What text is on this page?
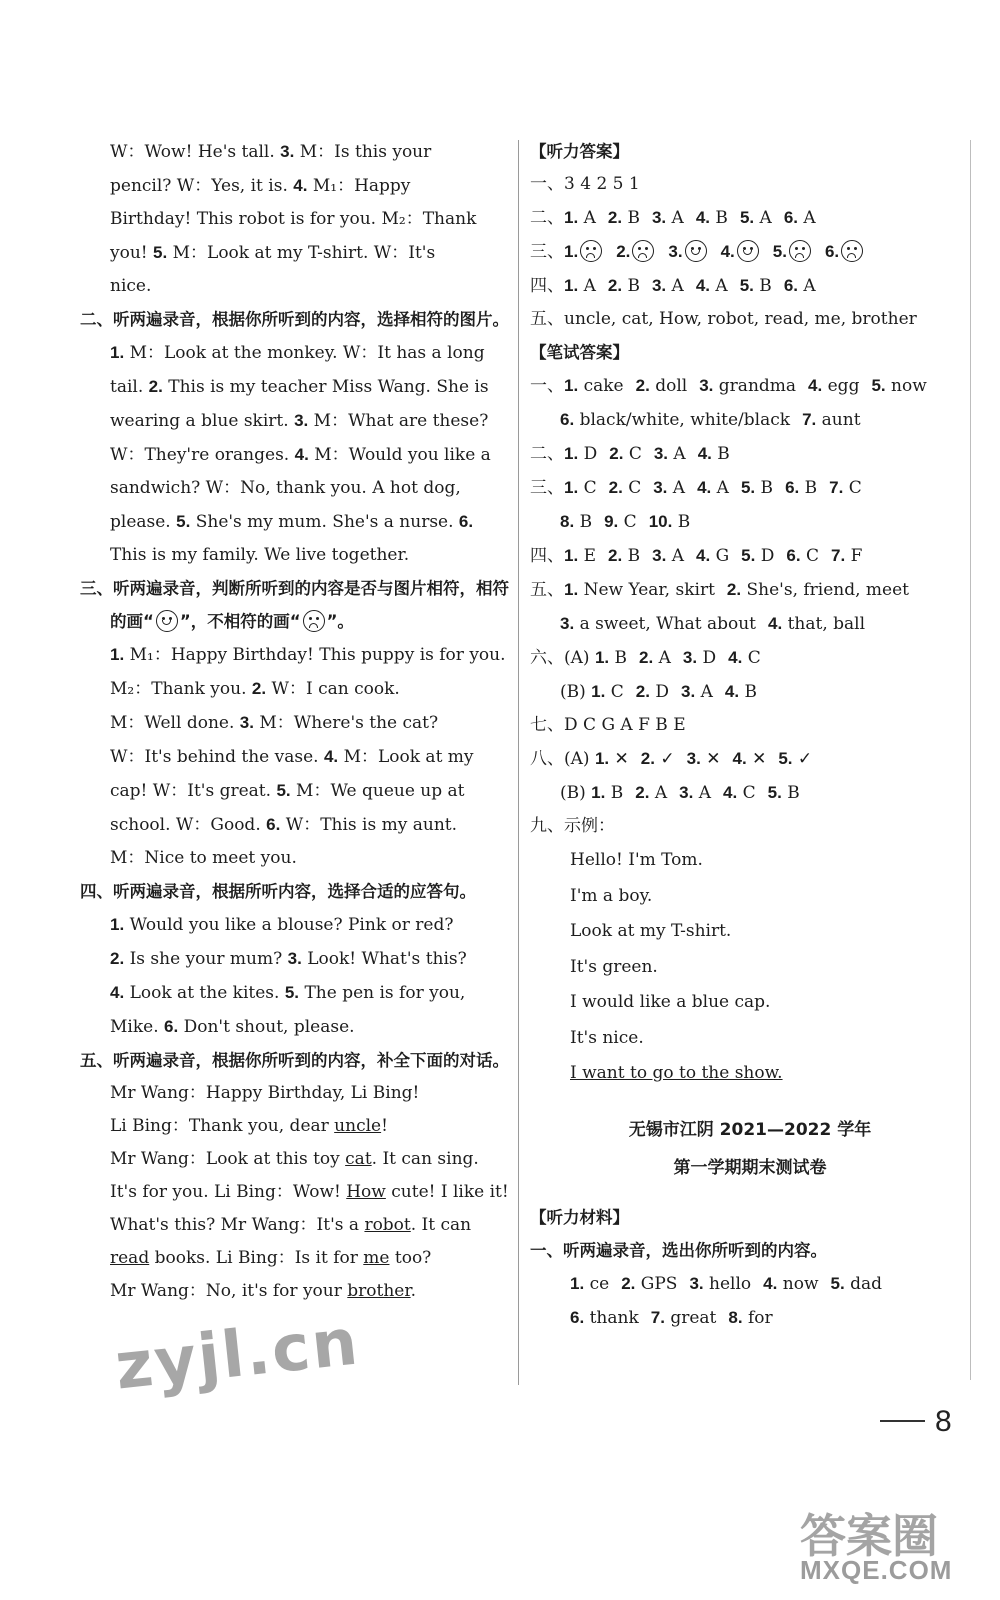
W：Wow! He's tall. 3. M：Is this your

pencil? W：Yes, it is. 4. M₁：Happy

Birthday! This robot is for you. M₂：Thank

you! 5. M：Look at my T-shirt. W：It's

nice.

二、听两遍录音，根据你所听到的内容，选择相符的图片。

1. M：Look at the monkey. W：It has a long tail. 2. This is my teacher Miss Wang. She is wearing a blue skirt. 3. M：What are these? W：They're oranges. 4. M：Would you like a sandwich? W：No, thank you. A hot dog, please. 5. She's my mum. She's a nurse. 6. This is my family. We live together.

三、听两遍录音，判断所听到的内容是否与图片相符，相符的画“ ”，不相符的画“ ”。

1. M₁：Happy Birthday! This puppy is for you. M₂：Thank you. 2. W：I can cook.
M：Well done. 3. M：Where's the cat?
W：It's behind the vase. 4. M：Look at my cap! W：It's great. 5. M：We queue up at school. W：Good. 6. W：This is my aunt.
M：Nice to meet you.

四、听两遍录音，根据所听内容，选择合适的应答句。

1. Would you like a blouse? Pink or red?
2. Is she your mum? 3. Look! What's this?
4. Look at the kites. 5. The pen is for you, Mike. 6. Don't shout, please.

五、听两遍录音，根据你所听到的内容，补全下面的对话。

Mr Wang：Happy Birthday, Li Bing!
Li Bing：Thank you, dear uncle!
Mr Wang：Look at this toy cat. It can sing. It's for you. Li Bing：Wow! How cute! I like it! What's this? Mr Wang：It's a robot. It can read books. Li Bing：Is it for me too?
Mr Wang：No, it's for your brother.

【听力答案】

一、3 4 2 5 1

二、1. A 2. B 3. A 4. B 5. A 6. A

三、1. 2. 3. 4. 5. 6.

四、1. A 2. B 3. A 4. A 5. B 6. A

五、uncle, cat, How, robot, read, me, brother

【笔试答案】

一、1. cake 2. doll 3. grandma 4. egg 5. now

6. black/white, white/black 7. aunt

二、1. D 2. C 3. A 4. B

三、1. C 2. C 3. A 4. A 5. B 6. B 7. C

8. B 9. C 10. B

四、1. E 2. B 3. A 4. G 5. D 6. C 7. F

五、1. New Year, skirt 2. She's, friend, meet

3. a sweet, What about 4. that, ball

六、(A) 1. B 2. A 3. D 4. C

(B) 1. C 2. D 3. A 4. B

七、D C G A F B E

八、(A) 1. ✕ 2. ✓ 3. ✕ 4. ✕ 5. ✓

(B) 1. B 2. A 3. A 4. C 5. B

九、示例：

Hello! I'm Tom.
I'm a boy.
Look at my T-shirt.
It's green.
I would like a blue cap.
It's nice.

I want to go to the show.

无锡市江阴 2021—2022 学年

第一学期期末测试卷

【听力材料】

一、听两遍录音，选出你所听到的内容。

1. ce 2. GPS 3. hello 4. now 5. dad

6. thank 7. great 8. for

8
zyjl.cn
答案圈
MXQE.COM
